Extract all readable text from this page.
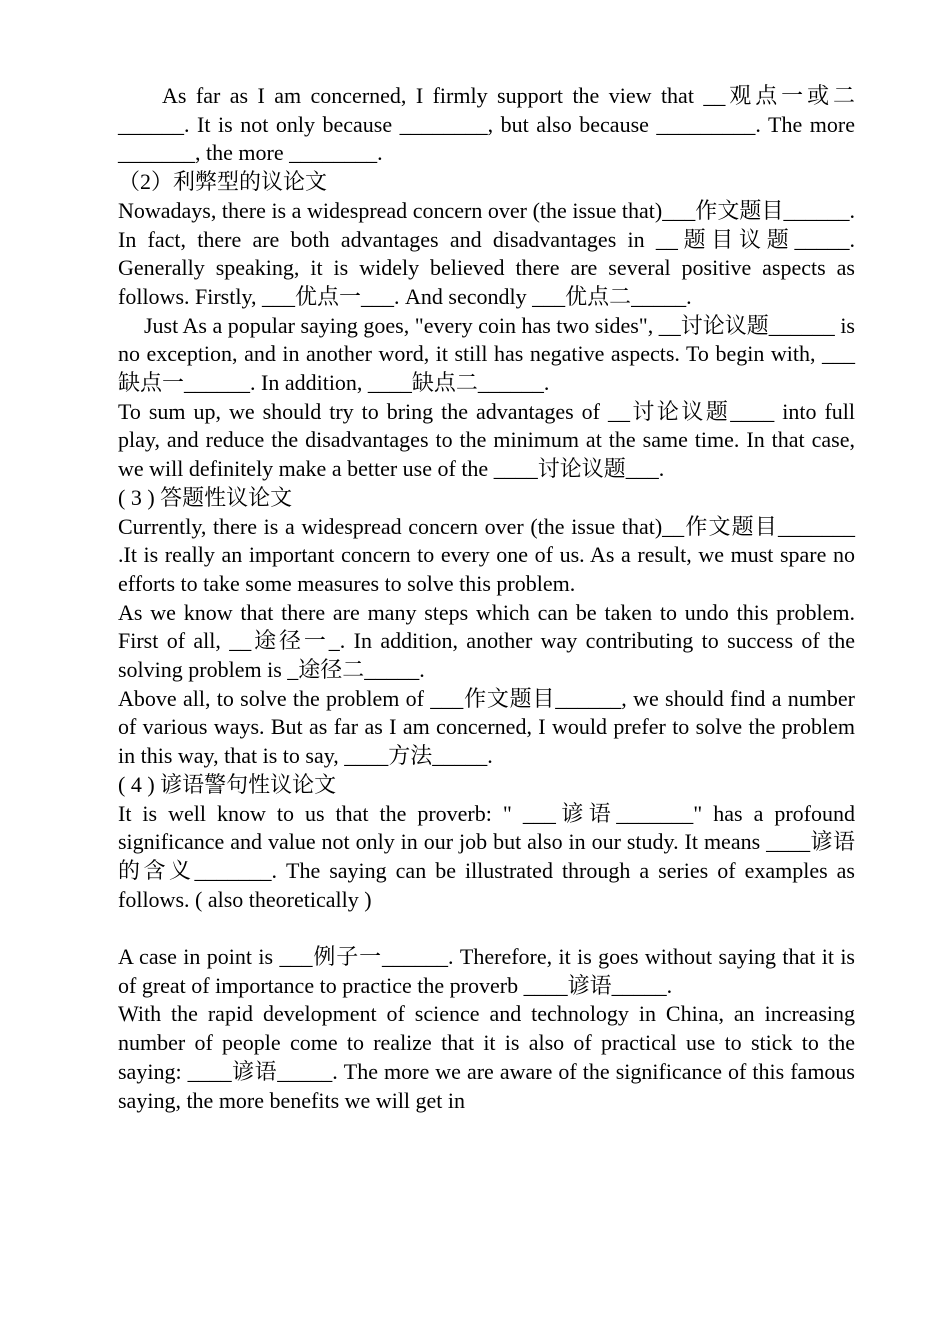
As far as I am concerned, I firmly support the view that __观点一或二______. It is not only because ________, but also because _________. The more _______, the more ________.

（2）利弊型的议论文

Nowadays, there is a widespread concern over (the issue that)___作文题目______. In fact, there are both advantages and disadvantages in __题目议题_____. Generally speaking, it is widely believed there are several positive aspects as follows. Firstly, ___优点一___. And secondly ___优点二_____.

Just As a popular saying goes, "every coin has two sides", __讨论议题______ is no exception, and in another word, it still has negative aspects. To begin with, ___缺点一______. In addition, ____缺点二______.

To sum up, we should try to bring the advantages of __讨论议题____ into full play, and reduce the disadvantages to the minimum at the same time. In that case, we will definitely make a better use of the ____讨论议题___.

( 3 ) 答题性议论文

Currently, there is a widespread concern over (the issue that)__作文题目_______ .It is really an important concern to every one of us. As a result, we must spare no efforts to take some measures to solve this problem.

As we know that there are many steps which can be taken to undo this problem. First of all, __途径一_. In addition, another way contributing to success of the solving problem is _途径二_____.

Above all, to solve the problem of ___作文题目______, we should find a number of various ways. But as far as I am concerned, I would prefer to solve the problem in this way, that is to say, ____方法_____.

( 4 ) 谚语警句性议论文

It is well know to us that the proverb: " ___谚语_______" has a profound significance and value not only in our job but also in our study. It means ____谚语的含义_______. The saying can be illustrated through a series of examples as follows. ( also theoretically )

A case in point is ___例子一______. Therefore, it is goes without saying that it is of great of importance to practice the proverb ____谚语_____.

With the rapid development of science and technology in China, an increasing number of people come to realize that it is also of practical use to stick to the saying: ____谚语_____. The more we are aware of the significance of this famous saying, the more benefits we will get in
